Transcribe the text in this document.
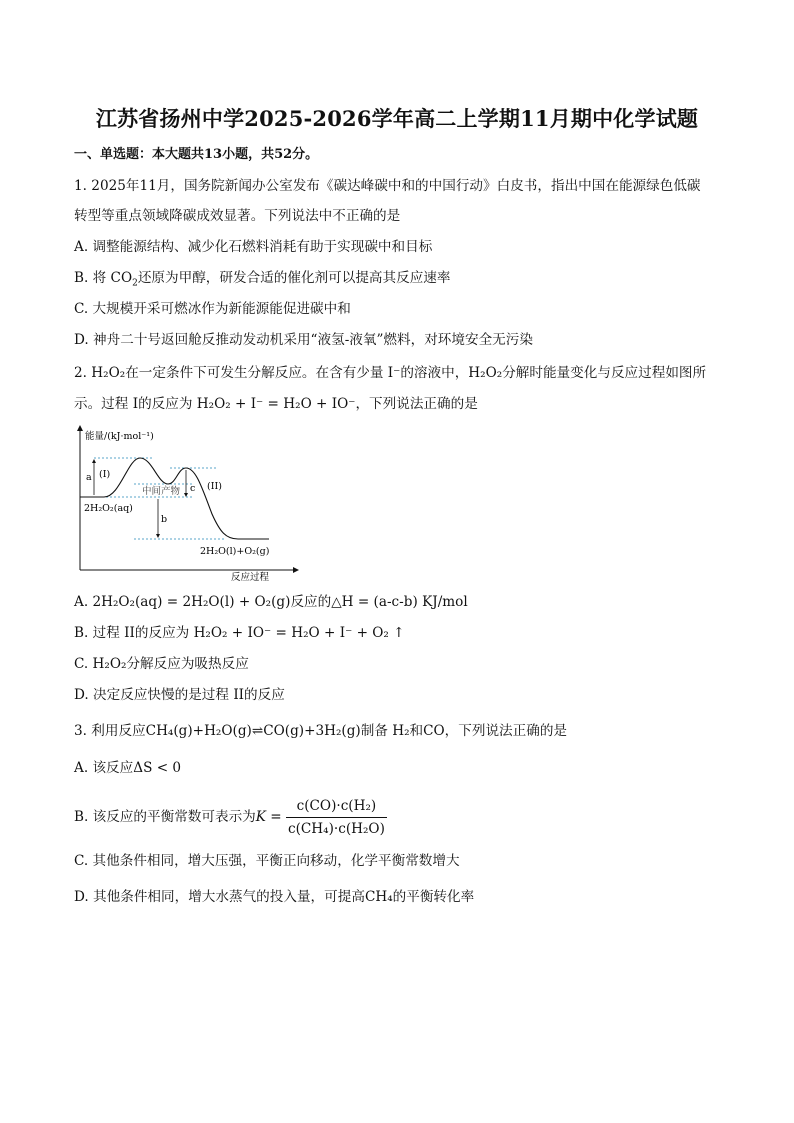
江苏省扬州中学2025-2026学年高二上学期11月期中化学试题
一、单选题：本大题共13小题，共52分。
1. 2025年11月，国务院新闻办公室发布《碳达峰碳中和的中国行动》白皮书，指出中国在能源绿色低碳
转型等重点领域降碳成效显著。下列说法中不正确的是
A. 调整能源结构、减少化石燃料消耗有助于实现碳中和目标
B. 将 $CO_2$还原为甲醇，研发合适的催化剂可以提高其反应速率
C. 大规模开采可燃冰作为新能源能促进碳中和
D. 神舟二十号返回舱反推动发动机采用“液氢-液氧”燃料，对环境安全无污染
2. H₂O₂在一定条件下可发生分解反应。在含有少量 I⁻的溶液中，H₂O₂分解时能量变化与反应过程如图所
示。过程 I的反应为 H₂O₂ + I⁻ = H₂O + IO⁻，下列说法正确的是
能量/(kJ·mol⁻¹)
反应过程
a (I)
b
c (II)
中间产物
2H₂O₂(aq)
2H₂O(l)+O₂(g)
A. 2H₂O₂(aq) = 2H₂O(l) + O₂(g)反应的△H = (a-c-b) KJ/mol
B. 过程 II的反应为 H₂O₂ + IO⁻ = H₂O + I⁻ + O₂ ↑
C. H₂O₂分解反应为吸热反应
D. 决定反应快慢的是过程 II的反应
3. 利用反应CH₄(g)+H₂O(g)⇌CO(g)+3H₂(g)制备 H₂和CO，下列说法正确的是
A. 该反应ΔS < 0
B. 该反应的平衡常数可表示为$K = \frac{\text{c(CO)·c(H₂)}}{\text{c(CH₄)·c(H₂O)}}$
C. 其他条件相同，增大压强，平衡正向移动，化学平衡常数增大
D. 其他条件相同，增大水蒸气的投入量，可提高CH₄的平衡转化率
